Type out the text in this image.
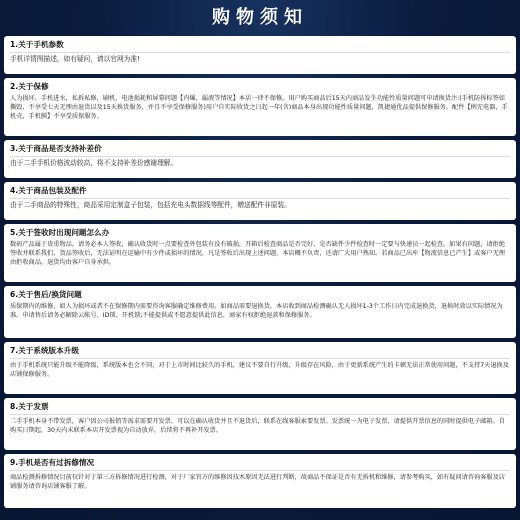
购物须知
1.关于手机参数

手机详情图描述，如有疑问，请以官网为准!

2.关于保修

人为损坏、手机进水，私拆私修，刷机，电池损耗和屏幕问题【内爆，漏液等情况】本店一律不保修。用户购买商品后15天内商品发生功能性质量问题可申请换货注:(手机防拆标签如撕毁，不享受七天无理由退货以及15天换货服务，并且不享受保修服务)用户自实际收货之日起一年(含)商品本身出现功能性质量问题，凯捷通优品提供保修服务。配件【例充电器，手机壳，手机膜】不享受质保服务。

3.关于商品是否支持补差价

由于二手手机价格波动较高，将不支持补差价感谢理解。

4.关于商品包装及配件

由于二手商品的特殊性，商品采用定制盒子包装，包括充电头数据线等配件，赠送配件非原装。

5.关于签收时出现问题怎么办

数码产品属于贵重物品，请务必本人签收，确认收货时一点要检查外包装有没有破损，开箱后检查商品是否完好、是否缺件少件检查时一定要与快递员一起检查，如果有问题，请拒绝签收并联系我们，货品签收后，无法证明在运输中有少件或损坏的情况，凡是签收后出现上述问题，本店概不负责，还请广大用户熟知。若商品已出库【物流信息已产生】或客户无理由拒收商品，退货均由客户自身承担。

6.关于售后/换货问题

质保期内的维修，如人为损坏或者不在保修期内需要咨询客服确定维修费用。如商品需要退换货，本店收到商品检测确认无人损坏1-3个工作日内完成退换货，退换时效以实际情况为准。申请售后请务必解除云帐号、ID锁、开机锁;不能提供或不愿意提供此信息，商家有权拒绝退款和保修服务。

7.关于系统版本升级

由于手机系统只能升级不能降级，系统版本也会不同，对于上市时间比较久的手机，建议不要自行升级，升级存在风险，由于更新系统产生的卡顿无法正常使用问题，不支持7天退换及店铺保修服务。

8.关于发票

二手手机本身不带发票，客户因公司报销等需求需要开发票，可以在确认收货并且不退货后，联系在线客服索要发票。发票统一为电子发票，请提供开票信息的同时提供电子邮箱。自购买日期起，30天内未联系本店开发票视为自动放弃，后续将不再补开发票。

9.手机是否有过拆修情况

商品检测拆修情况目前仅针对于第三方拆修情况进行检测，对于厂家官方的维修因技术原因无法进行判断，故商品不保证是否有无拆机和维修，请参考购买，如有疑问请咨询客服及店铺服务请咨询店铺客服了解。
